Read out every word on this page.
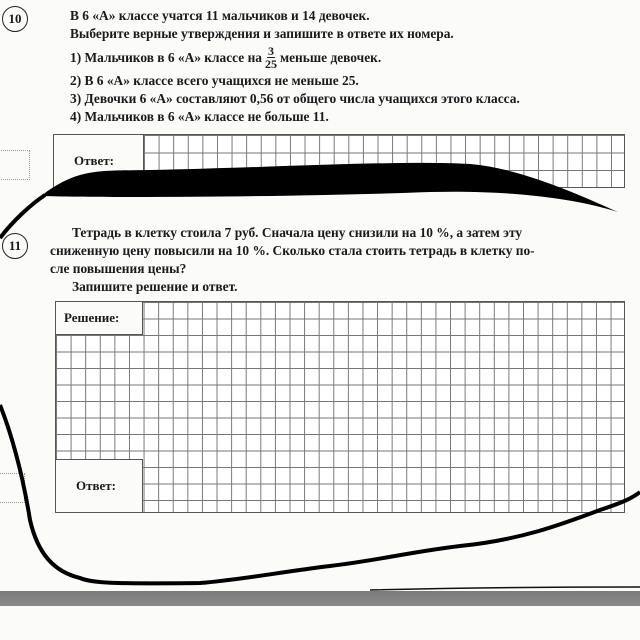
10	В 6 «А» классе учатся 11 мальчиков и 14 девочек.
Выберите верные утверждения и запишите в ответе их номера.
1) Мальчиков в 6 «А» классе на $\frac{3}{25}$ меньше девочек.
2) В 6 «А» классе всего учащихся не меньше 25.
3) Девочки 6 «А» составляют 0,56 от общего числа учащихся этого класса.
4) Мальчиков в 6 «А» классе не больше 11.
Ответ:
11
Тетрадь в клетку стоила 7 руб. Сначала цену снизили на 10 %, а затем эту
сниженную цену повысили на 10 %. Сколько стала стоить тетрадь в клетку по-
сле повышения цены?
Запишите решение и ответ.
Решение:
Ответ:
